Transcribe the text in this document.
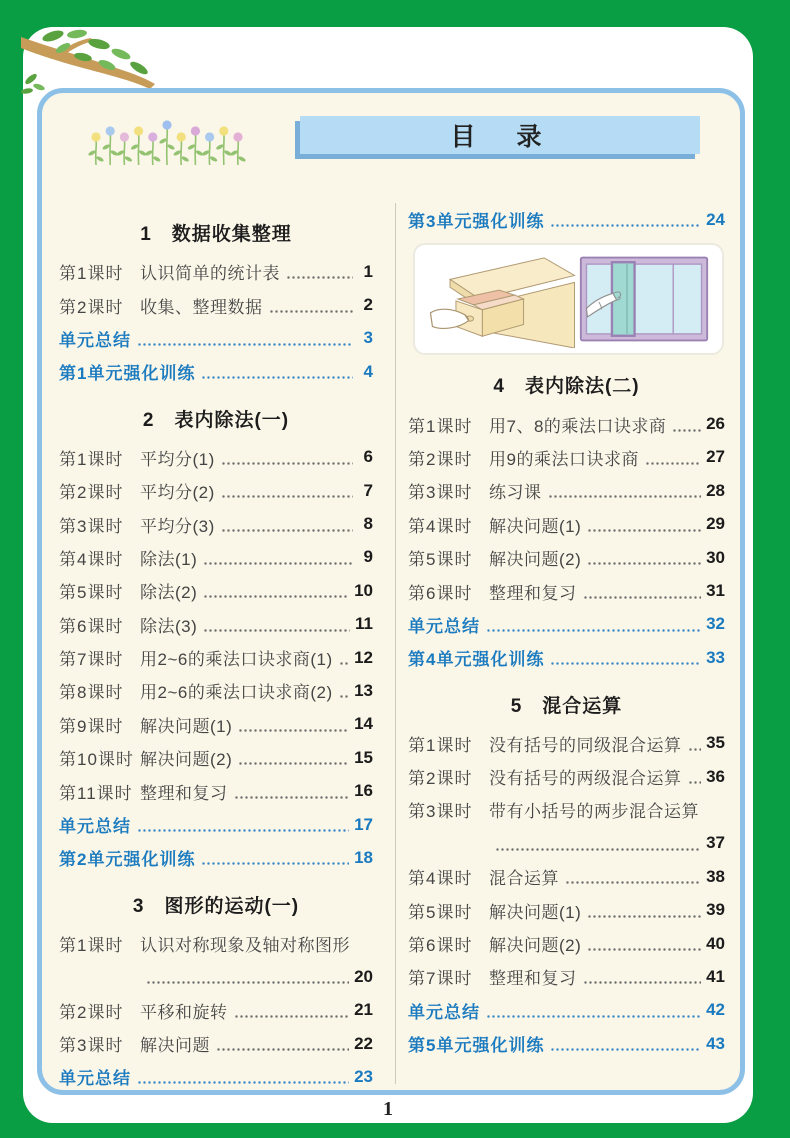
目　录
1　数据收集整理
第1课时 认识简单的统计表	1
第2课时 收集、整理数据	2
单元总结	3
第1单元强化训练	4
2　表内除法(一)
第1课时 平均分(1)	6
第2课时 平均分(2)	7
第3课时 平均分(3)	8
第4课时 除法(1)	9
第5课时 除法(2)	10
第6课时 除法(3)	11
第7课时 用2~6的乘法口诀求商(1) 12
第8课时 用2~6的乘法口诀求商(2) 13
第9课时 解决问题(1)	14
第10课时 解决问题(2)	15
第11课时 整理和复习	16
单元总结	17
第2单元强化训练	18
3　图形的运动(一)
第1课时 认识对称现象及轴对称图形
20
第2课时 平移和旋转	21
第3课时 解决问题	22
单元总结	23
第3单元强化训练	24
4　表内除法(二)
第1课时 用7、8的乘法口诀求商 26
第2课时 用9的乘法口诀求商	27
第3课时 练习课	28
第4课时 解决问题(1)	29
第5课时 解决问题(2)	30
第6课时 整理和复习	31
单元总结	32
第4单元强化训练	33
5　混合运算
第1课时 没有括号的同级混合运算 35
第2课时 没有括号的两级混合运算 36
第3课时 带有小括号的两步混合运算
37
第4课时 混合运算	38
第5课时 解决问题(1)	39
第6课时 解决问题(2)	40
第7课时 整理和复习	41
单元总结	42
第5单元强化训练	43
1
